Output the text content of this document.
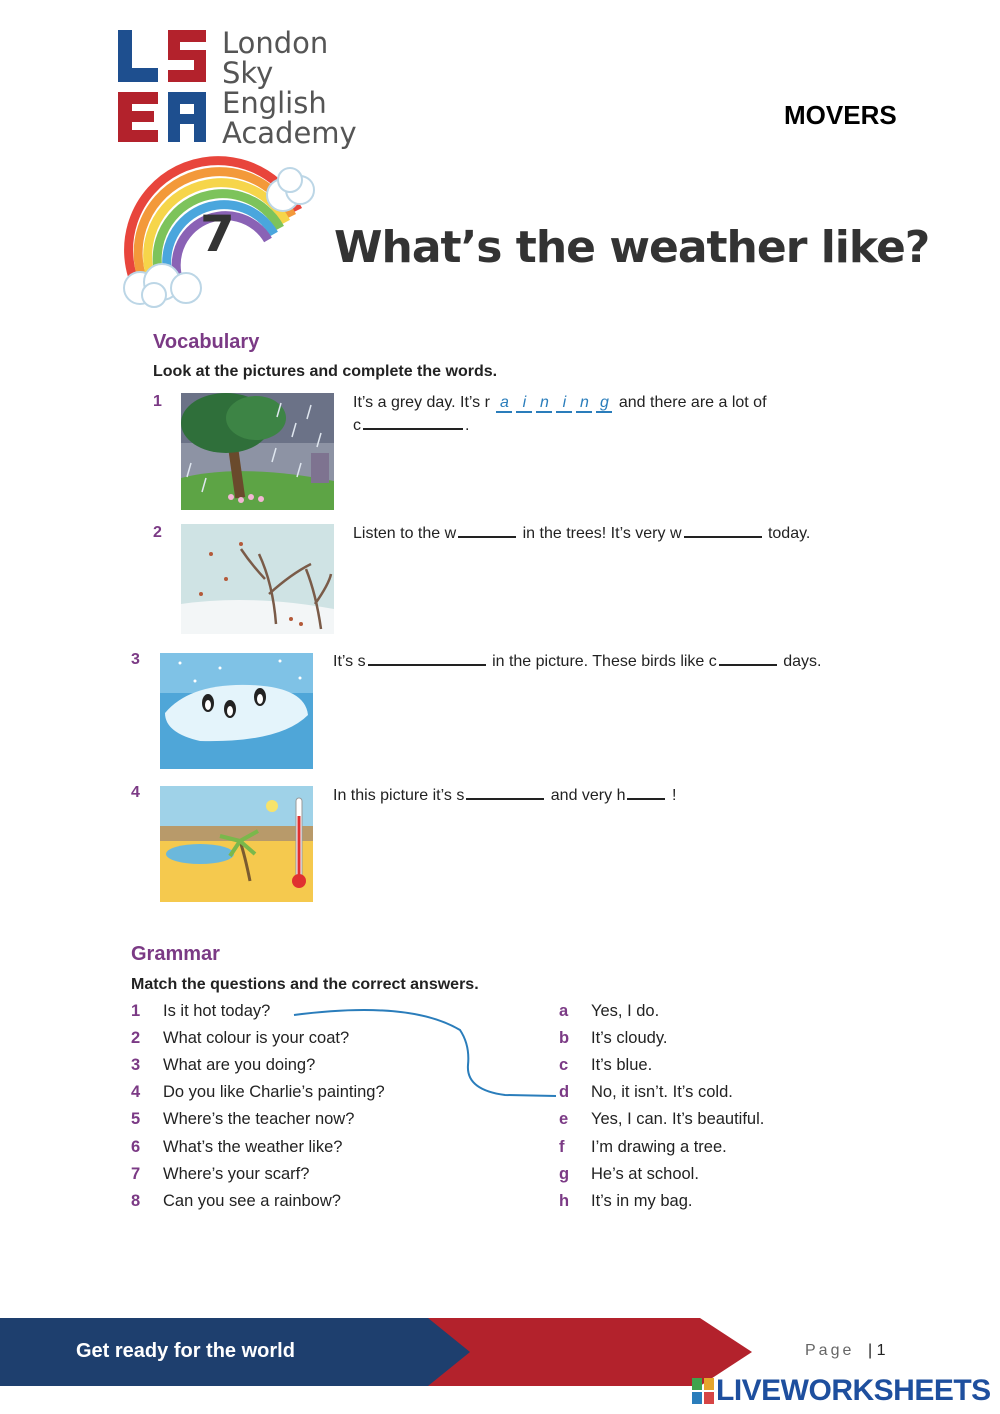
London
Sky
English
Academy
MOVERS
7 What’s the weather like?
Vocabulary
Look at the pictures and complete the words.
1	It’s a grey day. It’s r a i n i n g and there are a lot of
c	.
2	Listen to the w	in the trees! It’s very w	today.
3	It’s s	in the picture. These birds like c	days.
4	In this picture it’s s	and very h	!
Grammar
Match the questions and the correct answers.
1 Is it hot today?
2 What colour is your coat?
3 What are you doing?
4 Do you like Charlie’s painting?
5 Where’s the teacher now?
6 What’s the weather like?
7 Where’s your scarf?
8 Can you see a rainbow?
a Yes, I do.
b It’s cloudy.
c It’s blue.
d No, it isn’t. It’s cold.
e Yes, I can. It’s beautiful.
f I’m drawing a tree.
g He’s at school.
h It’s in my bag.
Get ready for the world	Page | 1
LIVEWORKSHEETS
